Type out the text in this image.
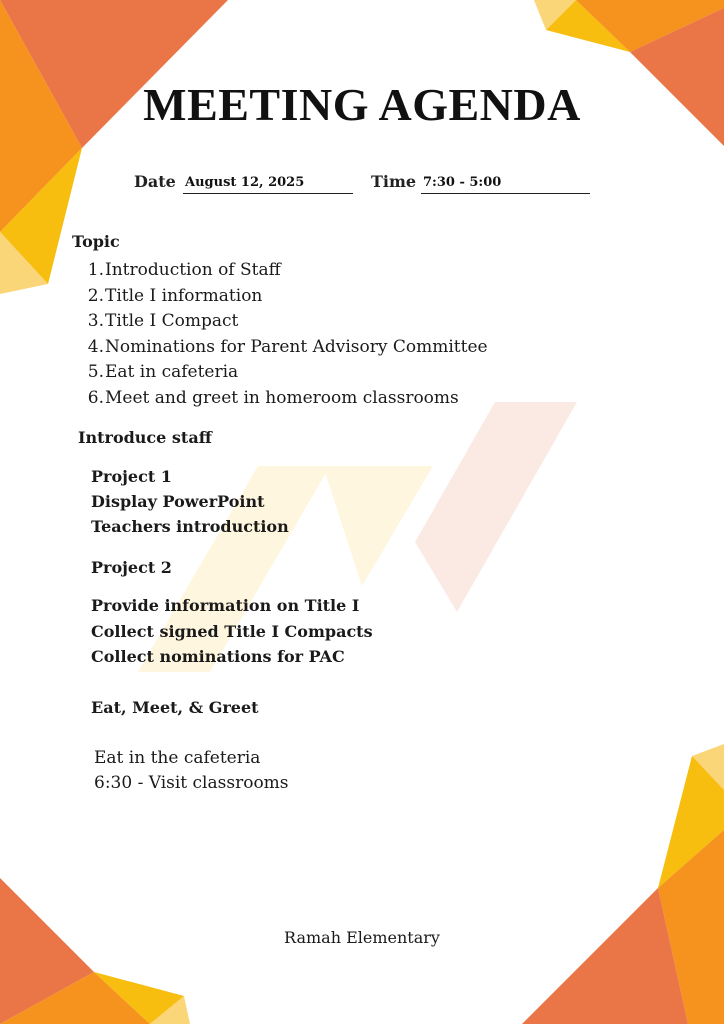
MEETING AGENDA
Date August 12, 2025	Time 7:30 - 5:00
Topic
1.Introduction of Staff
2.Title I information
3.Title I Compact
4.Nominations for Parent Advisory Committee
5.Eat in cafeteria
6.Meet and greet in homeroom classrooms
Introduce staff
Project 1
Display PowerPoint
Teachers introduction
Project 2
Provide information on Title I
Collect signed Title I Compacts
Collect nominations for PAC
Eat, Meet, & Greet
Eat in the cafeteria
6:30 - Visit classrooms
Ramah Elementary
